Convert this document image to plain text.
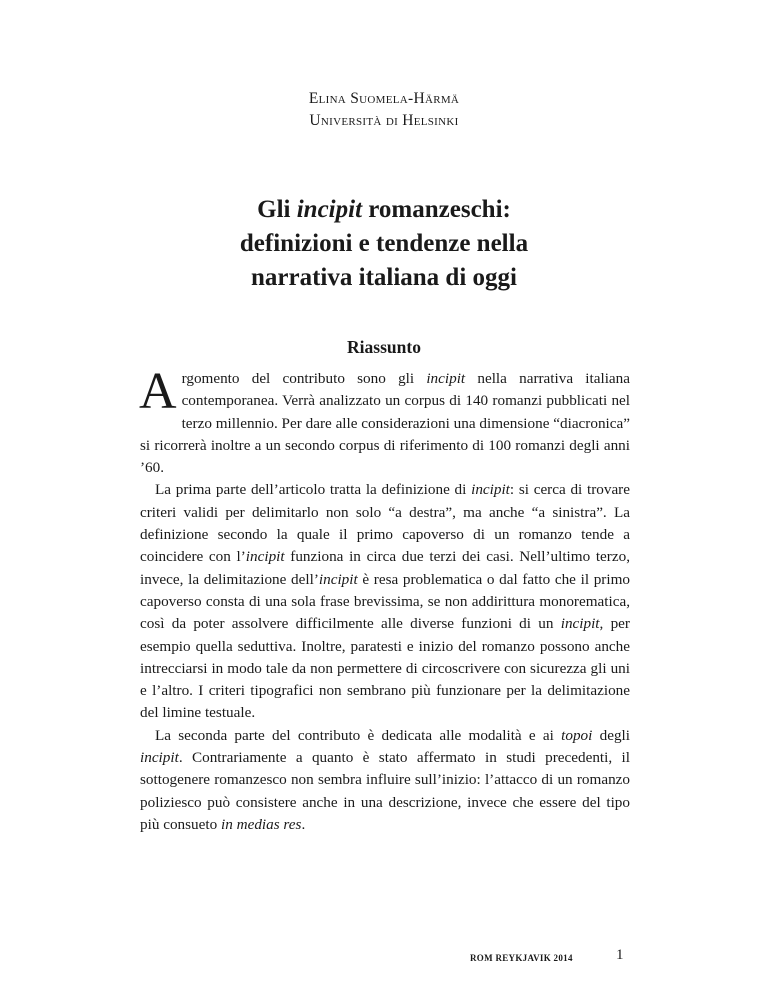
Elina Suomela-Härmä
Università di Helsinki
Gli incipit romanzeschi:
definizioni e tendenze nella
narrativa italiana di oggi
Riassunto

Argomento del contributo sono gli incipit nella narrativa italiana contemporanea. Verrà analizzato un corpus di 140 romanzi pubblicati nel terzo millennio. Per dare alle considerazioni una dimensione “diacronica” si ricorrerà inoltre a un secondo corpus di riferimento di 100 romanzi degli anni ’60.

La prima parte dell’articolo tratta la definizione di incipit: si cerca di trovare criteri validi per delimitarlo non solo “a destra”, ma anche “a sinistra”. La definizione secondo la quale il primo capoverso di un romanzo tende a coincidere con l’incipit funziona in circa due terzi dei casi. Nell’ultimo terzo, invece, la delimitazione dell’incipit è resa problematica o dal fatto che il primo capoverso consta di una sola frase brevissima, se non addirittura monorematica, così da poter assolvere difficilmente alle diverse funzioni di un incipit, per esempio quella seduttiva. Inoltre, paratesti e inizio del romanzo possono anche intrecciarsi in modo tale da non permettere di circoscrivere con sicurezza gli uni e l’altro. I criteri tipografici non sembrano più funzionare per la delimitazione del limine testuale.

La seconda parte del contributo è dedicata alle modalità e ai topoi degli incipit. Contrariamente a quanto è stato affermato in studi precedenti, il sottogenere romanzesco non sembra influire sull’inizio: l’attacco di un romanzo poliziesco può consistere anche in una descrizione, invece che essere del tipo più consueto in medias res.

ROM REYKJAVIK 2014	1
